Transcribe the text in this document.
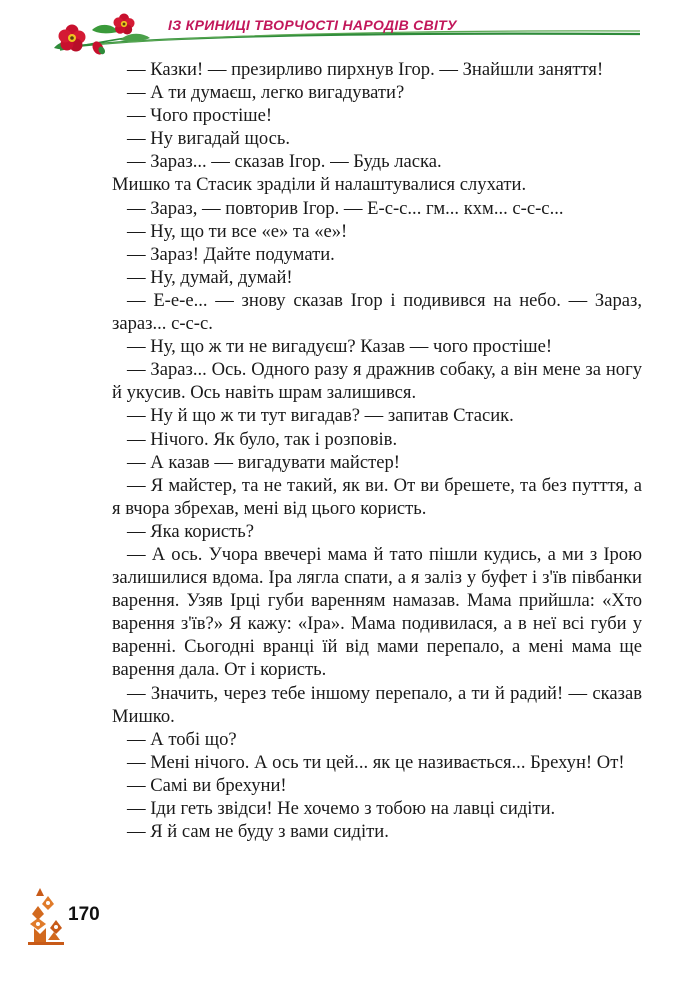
ІЗ КРИНИЦІ ТВОРЧОСТІ НАРОДІВ СВІТУ

— Казки! — презирливо пирхнув Ігор. — Знайшли заняття!

— А ти думаєш, легко вигадувати?

— Чого простіше!

— Ну вигадай щось.

— Зараз... — сказав Ігор. — Будь ласка.

Мишко та Стасик зраділи й налаштувалися слухати.

— Зараз, — повторив Ігор. — Е-с-с... гм... кхм... с-с-с...

— Ну, що ти все «е» та «е»!

— Зараз! Дайте подумати.

— Ну, думай, думай!

— Е-е-е... — знову сказав Ігор і подивився на небо. — Зараз, зараз... с-с-с.

— Ну, що ж ти не вигадуєш? Казав — чого простіше!

— Зараз... Ось. Одного разу я дражнив собаку, а він мене за ногу й укусив. Ось навіть шрам залишився.

— Ну й що ж ти тут вигадав? — запитав Стасик.

— Нічого. Як було, так і розповів.

— А казав — вигадувати майстер!

— Я майстер, та не такий, як ви. От ви брешете, та без путття, а я вчора збрехав, мені від цього користь.

— Яка користь?

— А ось. Учора ввечері мама й тато пішли кудись, а ми з Ірою залишилися вдома. Іра лягла спати, а я заліз у буфет і з'їв півбанки варення. Узяв Ірці губи варенням намазав. Мама прийшла: «Хто варення з'їв?» Я кажу: «Іра». Мама подивилася, а в неї всі губи у варенні. Сьогодні вранці їй від мами перепало, а мені мама ще варення дала. От і користь.

— Значить, через тебе іншому перепало, а ти й радий! — сказав Мишко.

— А тобі що?

— Мені нічого. А ось ти цей... як це називається... Брехун! От!

— Самі ви брехуни!

— Іди геть звідси! Не хочемо з тобою на лавці сидіти.

— Я й сам не буду з вами сидіти.

170
